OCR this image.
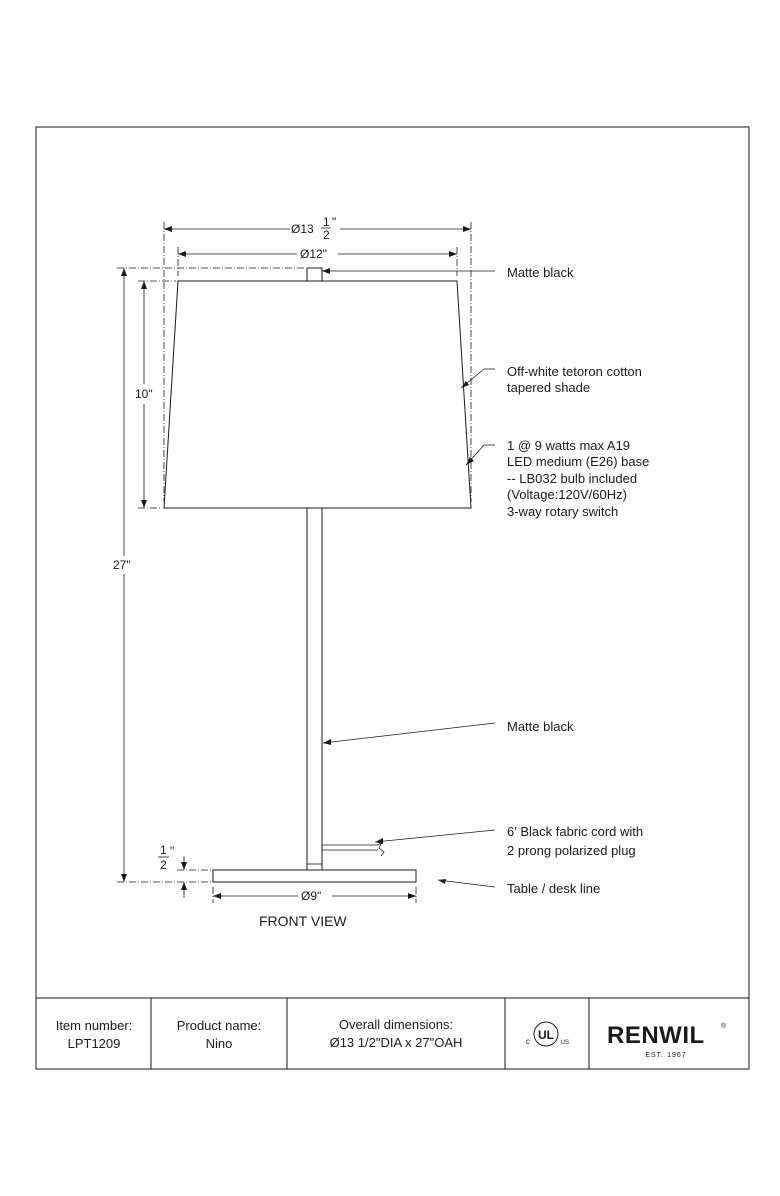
Ø13 1
2
"
Ø12"
10"
27"
1
2
"
Ø9"
FRONT VIEW
Matte black
Off-white tetoron cotton tapered shade
1 @ 9 watts max A19 LED medium (E26) base -- LB032 bulb included (Voltage:120V/60Hz) 3-way rotary switch
Matte black
6' Black fabric cord with 2 prong polarized plug
Table / desk line
Item number:
LPT1209
Product name:
Nino
Overall dimensions:
Ø13 1/2"DIA x 27"OAH	UL
c	US RENWIL ®
EST. 1967
